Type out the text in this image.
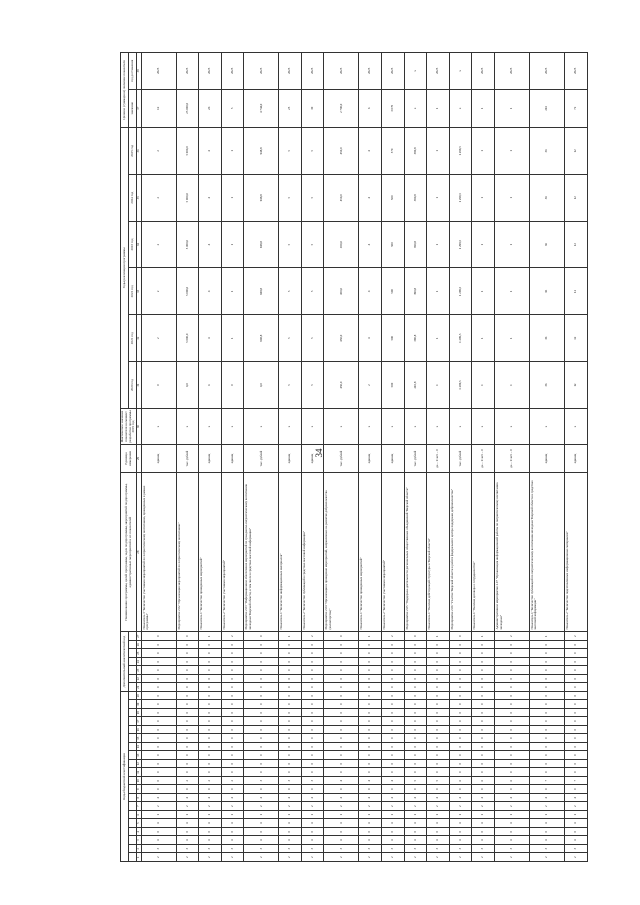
34
Коды бюджетной классификации																				Дополнительный аналитический код							Наименование программы, целей программы, задач подпрограммы, мероприятий подпрограммы, административных мероприятий и их показателей	Единица измерения	Фактическое значение показателя на момент разработки программы 2019 год	Годы реализации программы						Целевое (суммарное) значение показателя	
																														2020 год	2021 год	2022 год	2023 год	2024 год	2025 год	значение	год достижения
1	2	3	4	5	6	7	8	9	10	11	12	13	14	15	16	17	18	19	20	21	22	23	24	25	26	27	28	29	30	31	32	33	34	35	36	37	38
2	3	4	0	4	1	2	4	0	0	0	0	0	0	0	0	0	0	0	0	0	0	0	0	0	0	0	Показатель 3 "Количество участников мероприятий по патриотическому воспитанию, проведенных в рамках программы"	единиц	х	0	2	2	2	2	2	12	2025
2	3	4	0	4	1	2	4	0	2	0	0	0	0	0	0	0	0	0	0	0	0	0	0	0	0	0	Мероприятие 2.02 "Организация мероприятий по патриотическому воспитанию"	тыс. рублей	х	0,0	5 000,0	5 000,0	5 000,0	5 000,0	5 000,0	25 000,0	2025
2	3	4	0	4	1	2	4	0	2	0	0	0	0	0	0	0	0	0	0	0	0	0	0	0	0	1	Показатель 1 "Количество проведенных мероприятий"	единиц	х	6	4	4	4	4	4	26	2025
2	3	4	0	4	1	2	4	0	2	0	0	0	0	0	0	0	0	0	0	0	0	0	0	0	0	2	Показатель 2 "Количество участников мероприятий"	единиц	х	0	1	1	1	1	1	5	2025
2	3	4	0	4	1	2	4	0	3	0	0	0	0	0	0	0	0	0	0	0	0	0	0	0	0	0	Мероприятие 2.03 "Информационное обеспечение мероприятий по гражданско-патриотическому воспитанию молодежи Тверской области, в том числе в средствах массовой информации"	тыс. рублей	х	0,0	948,8	948,8	948,8	948,8	948,8	4 744,0	2025
2	3	4	0	4	1	2	4	0	3	0	0	0	0	0	0	0	0	0	0	0	0	0	0	0	0	1	Показатель 1 "Количество информационных материалов"	единиц	х	5	5	5	5	5	5	25	2025
2	3	4	0	4	1	2	4	0	3	0	0	0	0	0	0	0	0	0	0	0	0	0	0	0	0	2	Показатель 2 "Количество публикаций в средствах массовой информации"	единиц	х	5	5	5	5	5	5	30	2025
2	3	4	0	4	1	2	4	0	4	0	0	0	0	0	0	0	0	0	0	0	0	0	0	0	0	0	Мероприятие 2.04 "Организация и проведение мероприятий, направленных на развитие добровольчества (волонтерства)"	тыс. рублей	х	450,0	450,0	450,0	450,0	450,0	450,0	2 700,0	2025
2	3	4	0	4	1	2	4	0	4	0	0	0	0	0	0	0	0	0	0	0	0	0	0	0	0	1	Показатель 1 "Количество проведенных мероприятий"	единиц	х	2	4	4	4	4	4	6	2025
2	3	4	0	4	1	2	4	0	4	0	0	0	0	0	0	0	0	0	0	0	0	0	0	0	0	2	Показатель 2 "Количество участников мероприятий"	единиц	х	500	500	500	500	500	570	3 070	2025
2	3	4	0	4	1	2	4	0	5	0	0	0	0	0	0	0	0	0	0	0	0	0	0	0	0	0	Мероприятие 2.05 "Поддержка деятельности региональных общественных объединений Тверской области"	тыс. рублей	х	210,8	390,8	390,8	390,8	390,8	390,8	х	х
2	3	4	0	4	1	2	4	0	5	0	0	0	0	0	0	0	0	0	0	0	0	0	0	0	0	1	Показатель 1 "Наличие действующей структуры в Тверской области"	да – 1/ нет – 0	х	1	1	1	1	1	1	1	2025
2	3	4	0	4	1	2	4	0	6	0	0	0	0	0	0	0	0	0	0	0	0	0	0	0	0	0	Мероприятие 2.06 "Участие Тверской области в работе федерального центра поддержки добровольчества"	тыс. рублей	х	1 299,5	1 299,5	1 299,5	1 299,5	1 299,5	1 299,5	х	х
2	3	4	0	4	1	2	4	0	6	0	0	0	0	0	0	0	0	0	0	0	0	0	0	0	0	1	Показатель 1 "Наличие договора о сотрудничестве"	да – 1/ нет – 0	х	1	1	1	1	1	1	1	2025
2	3	4	0	4	1	2	4	0	6	0	0	0	0	0	0	0	0	0	0	0	0	0	0	0	0	2	Административное мероприятие 2.07 "Организация информационной работы по патриотическому воспитанию молодежи"	да – 1/ нет – 0	х	1	1	1	1	1	1	1	2025
2	3	4	0	4	1	2	4	0	7	0	0	0	0	0	0	0	0	0	0	0	0	0	0	0	0	1	Показатель 1 "Количество публикаций по патриотическому воспитанию молодежи Тверской области в средствах массовой информации"	единиц	х	36	36	36	36	36	36	216	2025
2	3	4	0	4	1	2	4	0	7	0	0	0	0	0	0	0	0	0	0	0	0	0	0	0	0	2	Показатель 2 "Количество подготовленных информационных материалов"	единиц	х	12	12	12	12	12	12	72	2025
